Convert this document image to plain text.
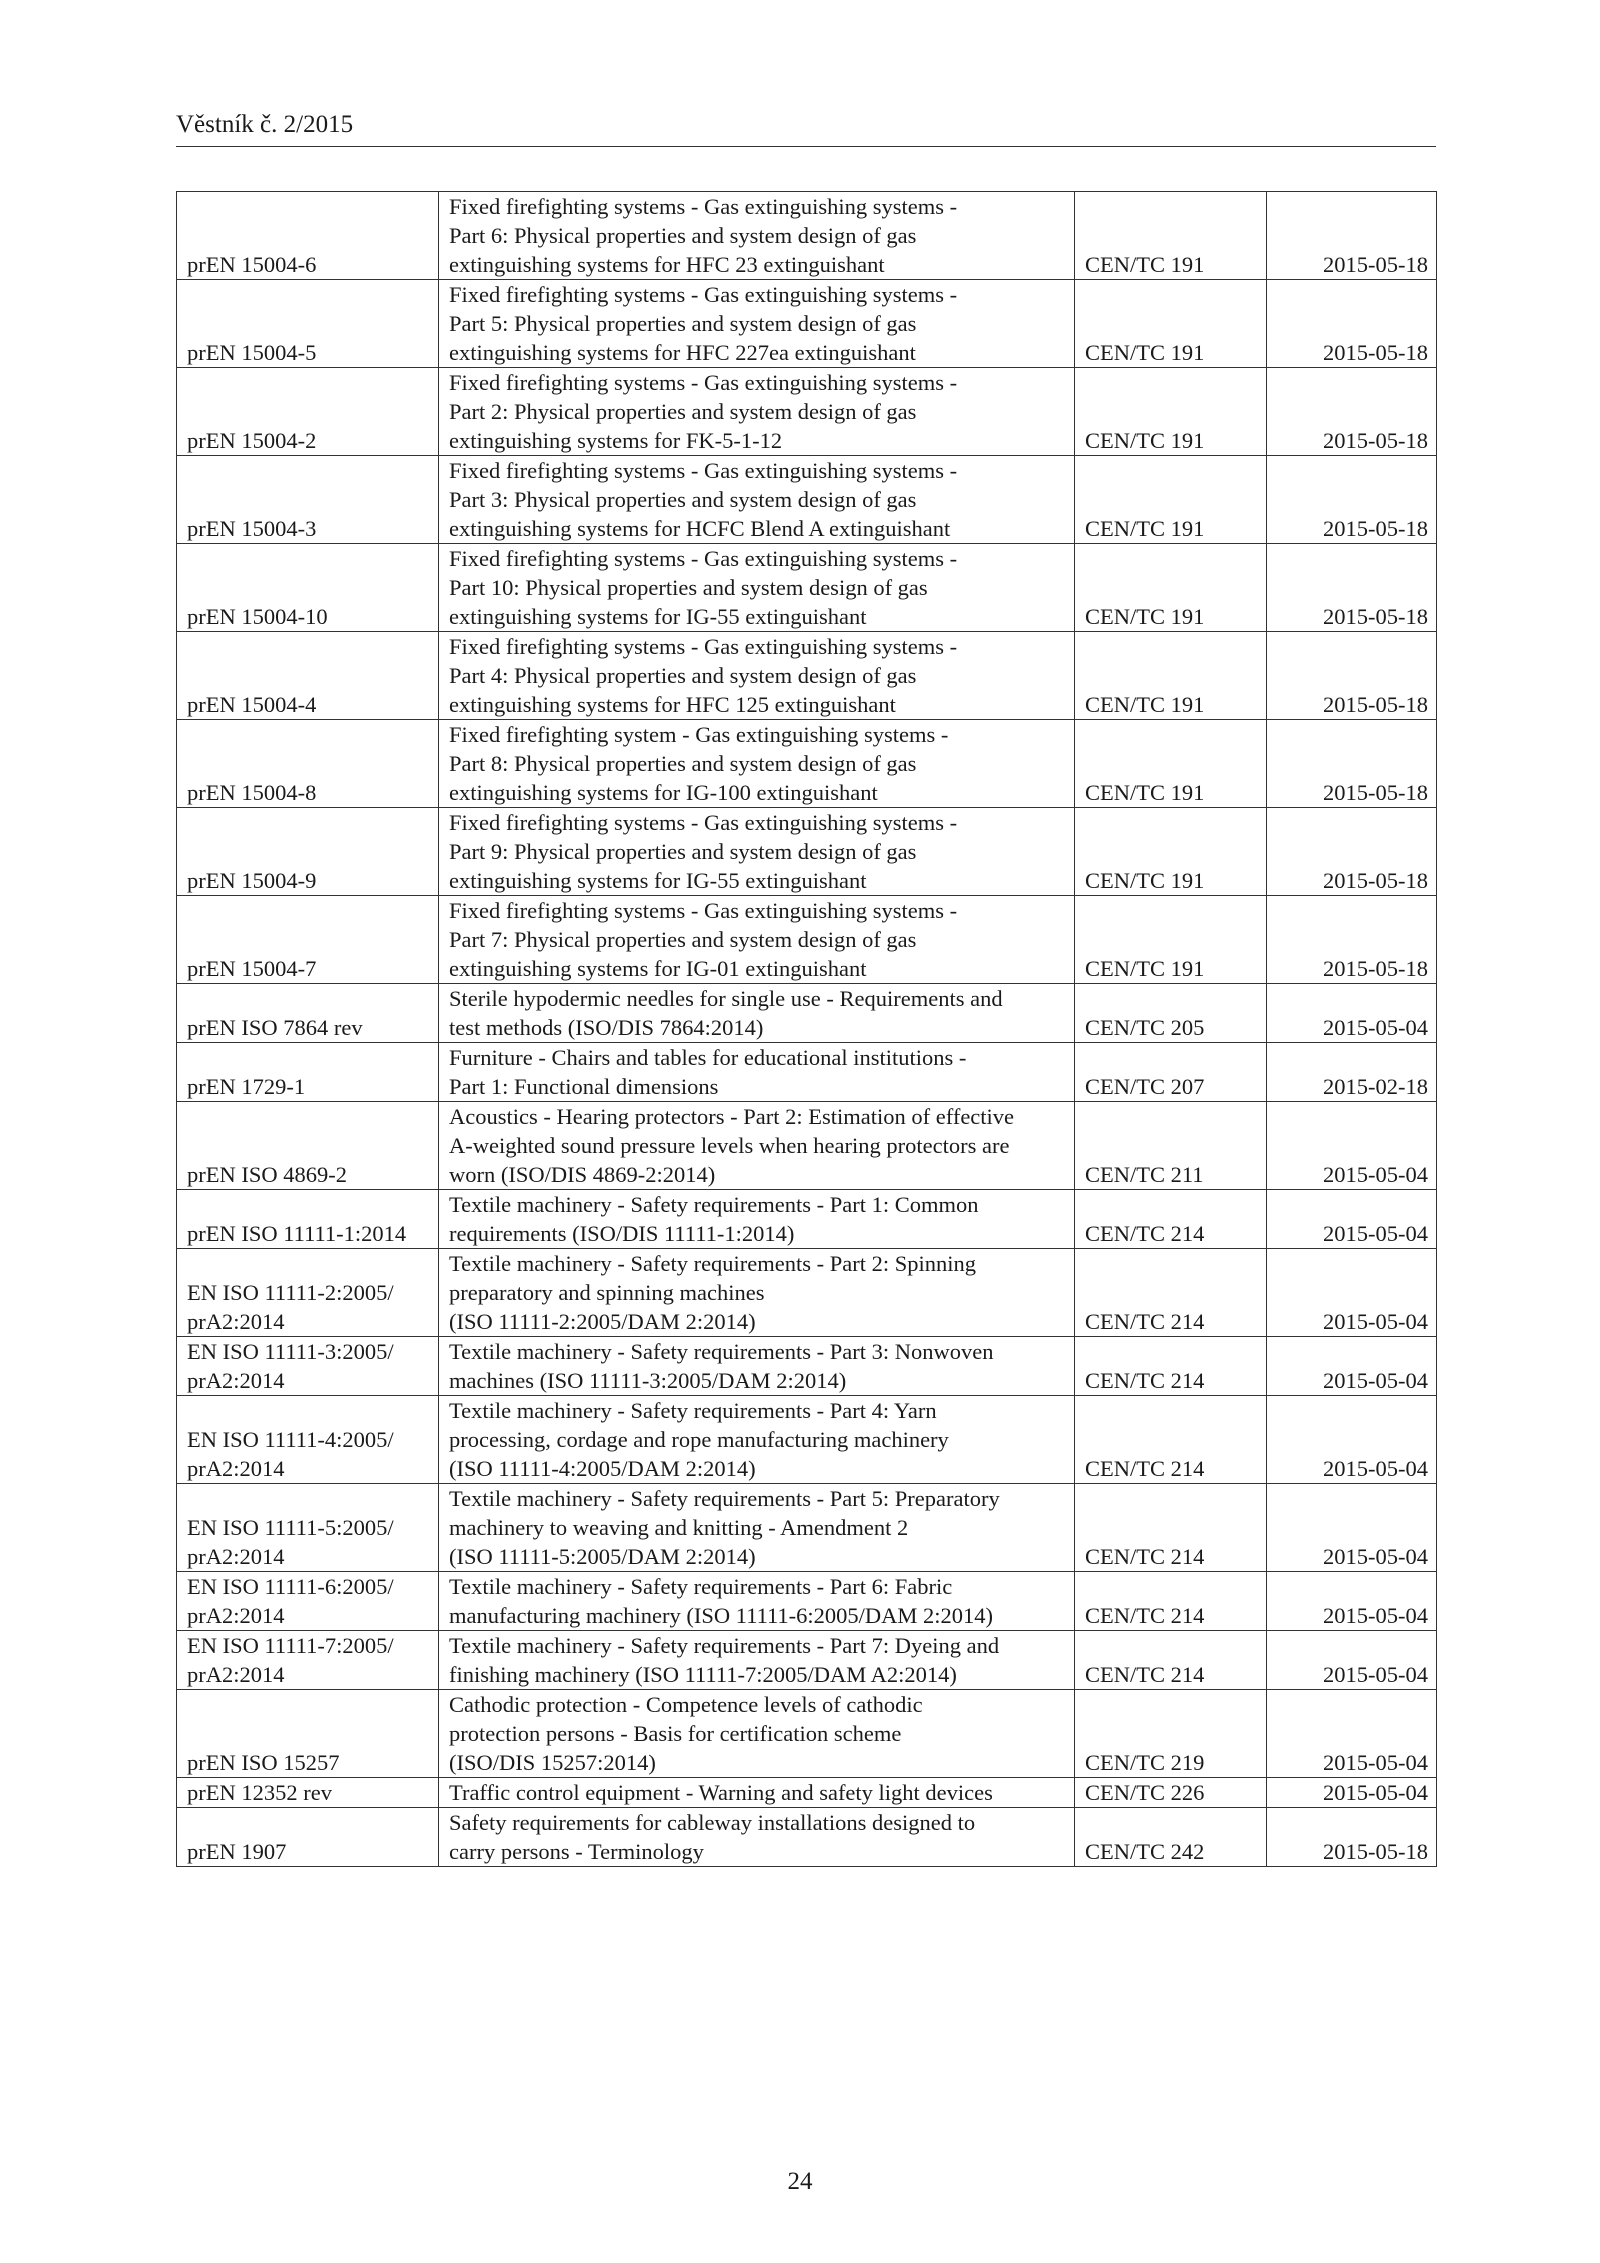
Věstník č. 2/2015
prEN 15004-6	Fixed firefighting systems - Gas extinguishing systems -
Part 6: Physical properties and system design of gas
extinguishing systems for HFC 23 extinguishant	CEN/TC 191	2015-05-18

prEN 15004-5	Fixed firefighting systems - Gas extinguishing systems -
Part 5: Physical properties and system design of gas
extinguishing systems for HFC 227ea extinguishant	CEN/TC 191	2015-05-18

prEN 15004-2	Fixed firefighting systems - Gas extinguishing systems -
Part 2: Physical properties and system design of gas
extinguishing systems for FK-5-1-12	CEN/TC 191	2015-05-18

prEN 15004-3	Fixed firefighting systems - Gas extinguishing systems -
Part 3: Physical properties and system design of gas
extinguishing systems for HCFC Blend A extinguishant	CEN/TC 191	2015-05-18

prEN 15004-10	Fixed firefighting systems - Gas extinguishing systems -
Part 10: Physical properties and system design of gas
extinguishing systems for IG-55 extinguishant	CEN/TC 191	2015-05-18

prEN 15004-4	Fixed firefighting systems - Gas extinguishing systems -
Part 4: Physical properties and system design of gas
extinguishing systems for HFC 125 extinguishant	CEN/TC 191	2015-05-18

prEN 15004-8	Fixed firefighting system - Gas extinguishing systems -
Part 8: Physical properties and system design of gas
extinguishing systems for IG-100 extinguishant	CEN/TC 191	2015-05-18

prEN 15004-9	Fixed firefighting systems - Gas extinguishing systems -
Part 9: Physical properties and system design of gas
extinguishing systems for IG-55 extinguishant	CEN/TC 191	2015-05-18

prEN 15004-7	Fixed firefighting systems - Gas extinguishing systems -
Part 7: Physical properties and system design of gas
extinguishing systems for IG-01 extinguishant	CEN/TC 191	2015-05-18

prEN ISO 7864 rev	Sterile hypodermic needles for single use - Requirements and
test methods (ISO/DIS 7864:2014)	CEN/TC 205	2015-05-04

prEN 1729-1	Furniture - Chairs and tables for educational institutions -
Part 1: Functional dimensions	CEN/TC 207	2015-02-18

prEN ISO 4869-2	Acoustics - Hearing protectors - Part 2: Estimation of effective
A-weighted sound pressure levels when hearing protectors are
worn (ISO/DIS 4869-2:2014)	CEN/TC 211	2015-05-04

prEN ISO 11111-1:2014	Textile machinery - Safety requirements - Part 1: Common
requirements (ISO/DIS 11111-1:2014)	CEN/TC 214	2015-05-04

EN ISO 11111-2:2005/
prA2:2014	Textile machinery - Safety requirements - Part 2: Spinning
preparatory and spinning machines
(ISO 11111-2:2005/DAM 2:2014)	CEN/TC 214	2015-05-04

EN ISO 11111-3:2005/
prA2:2014	Textile machinery - Safety requirements - Part 3: Nonwoven
machines (ISO 11111-3:2005/DAM 2:2014)	CEN/TC 214	2015-05-04

EN ISO 11111-4:2005/
prA2:2014	Textile machinery - Safety requirements - Part 4: Yarn
processing, cordage and rope manufacturing machinery
(ISO 11111-4:2005/DAM 2:2014)	CEN/TC 214	2015-05-04

EN ISO 11111-5:2005/
prA2:2014	Textile machinery - Safety requirements - Part 5: Preparatory
machinery to weaving and knitting - Amendment 2
(ISO 11111-5:2005/DAM 2:2014)	CEN/TC 214	2015-05-04

EN ISO 11111-6:2005/
prA2:2014	Textile machinery - Safety requirements - Part 6: Fabric
manufacturing machinery (ISO 11111-6:2005/DAM 2:2014)	CEN/TC 214	2015-05-04

EN ISO 11111-7:2005/
prA2:2014	Textile machinery - Safety requirements - Part 7: Dyeing and
finishing machinery (ISO 11111-7:2005/DAM A2:2014)	CEN/TC 214	2015-05-04

prEN ISO 15257	Cathodic protection - Competence levels of cathodic
protection persons - Basis for certification scheme
(ISO/DIS 15257:2014)	CEN/TC 219	2015-05-04

prEN 12352 rev	Traffic control equipment - Warning and safety light devices	CEN/TC 226	2015-05-04

prEN 1907	Safety requirements for cableway installations designed to
carry persons - Terminology	CEN/TC 242	2015-05-18
24
